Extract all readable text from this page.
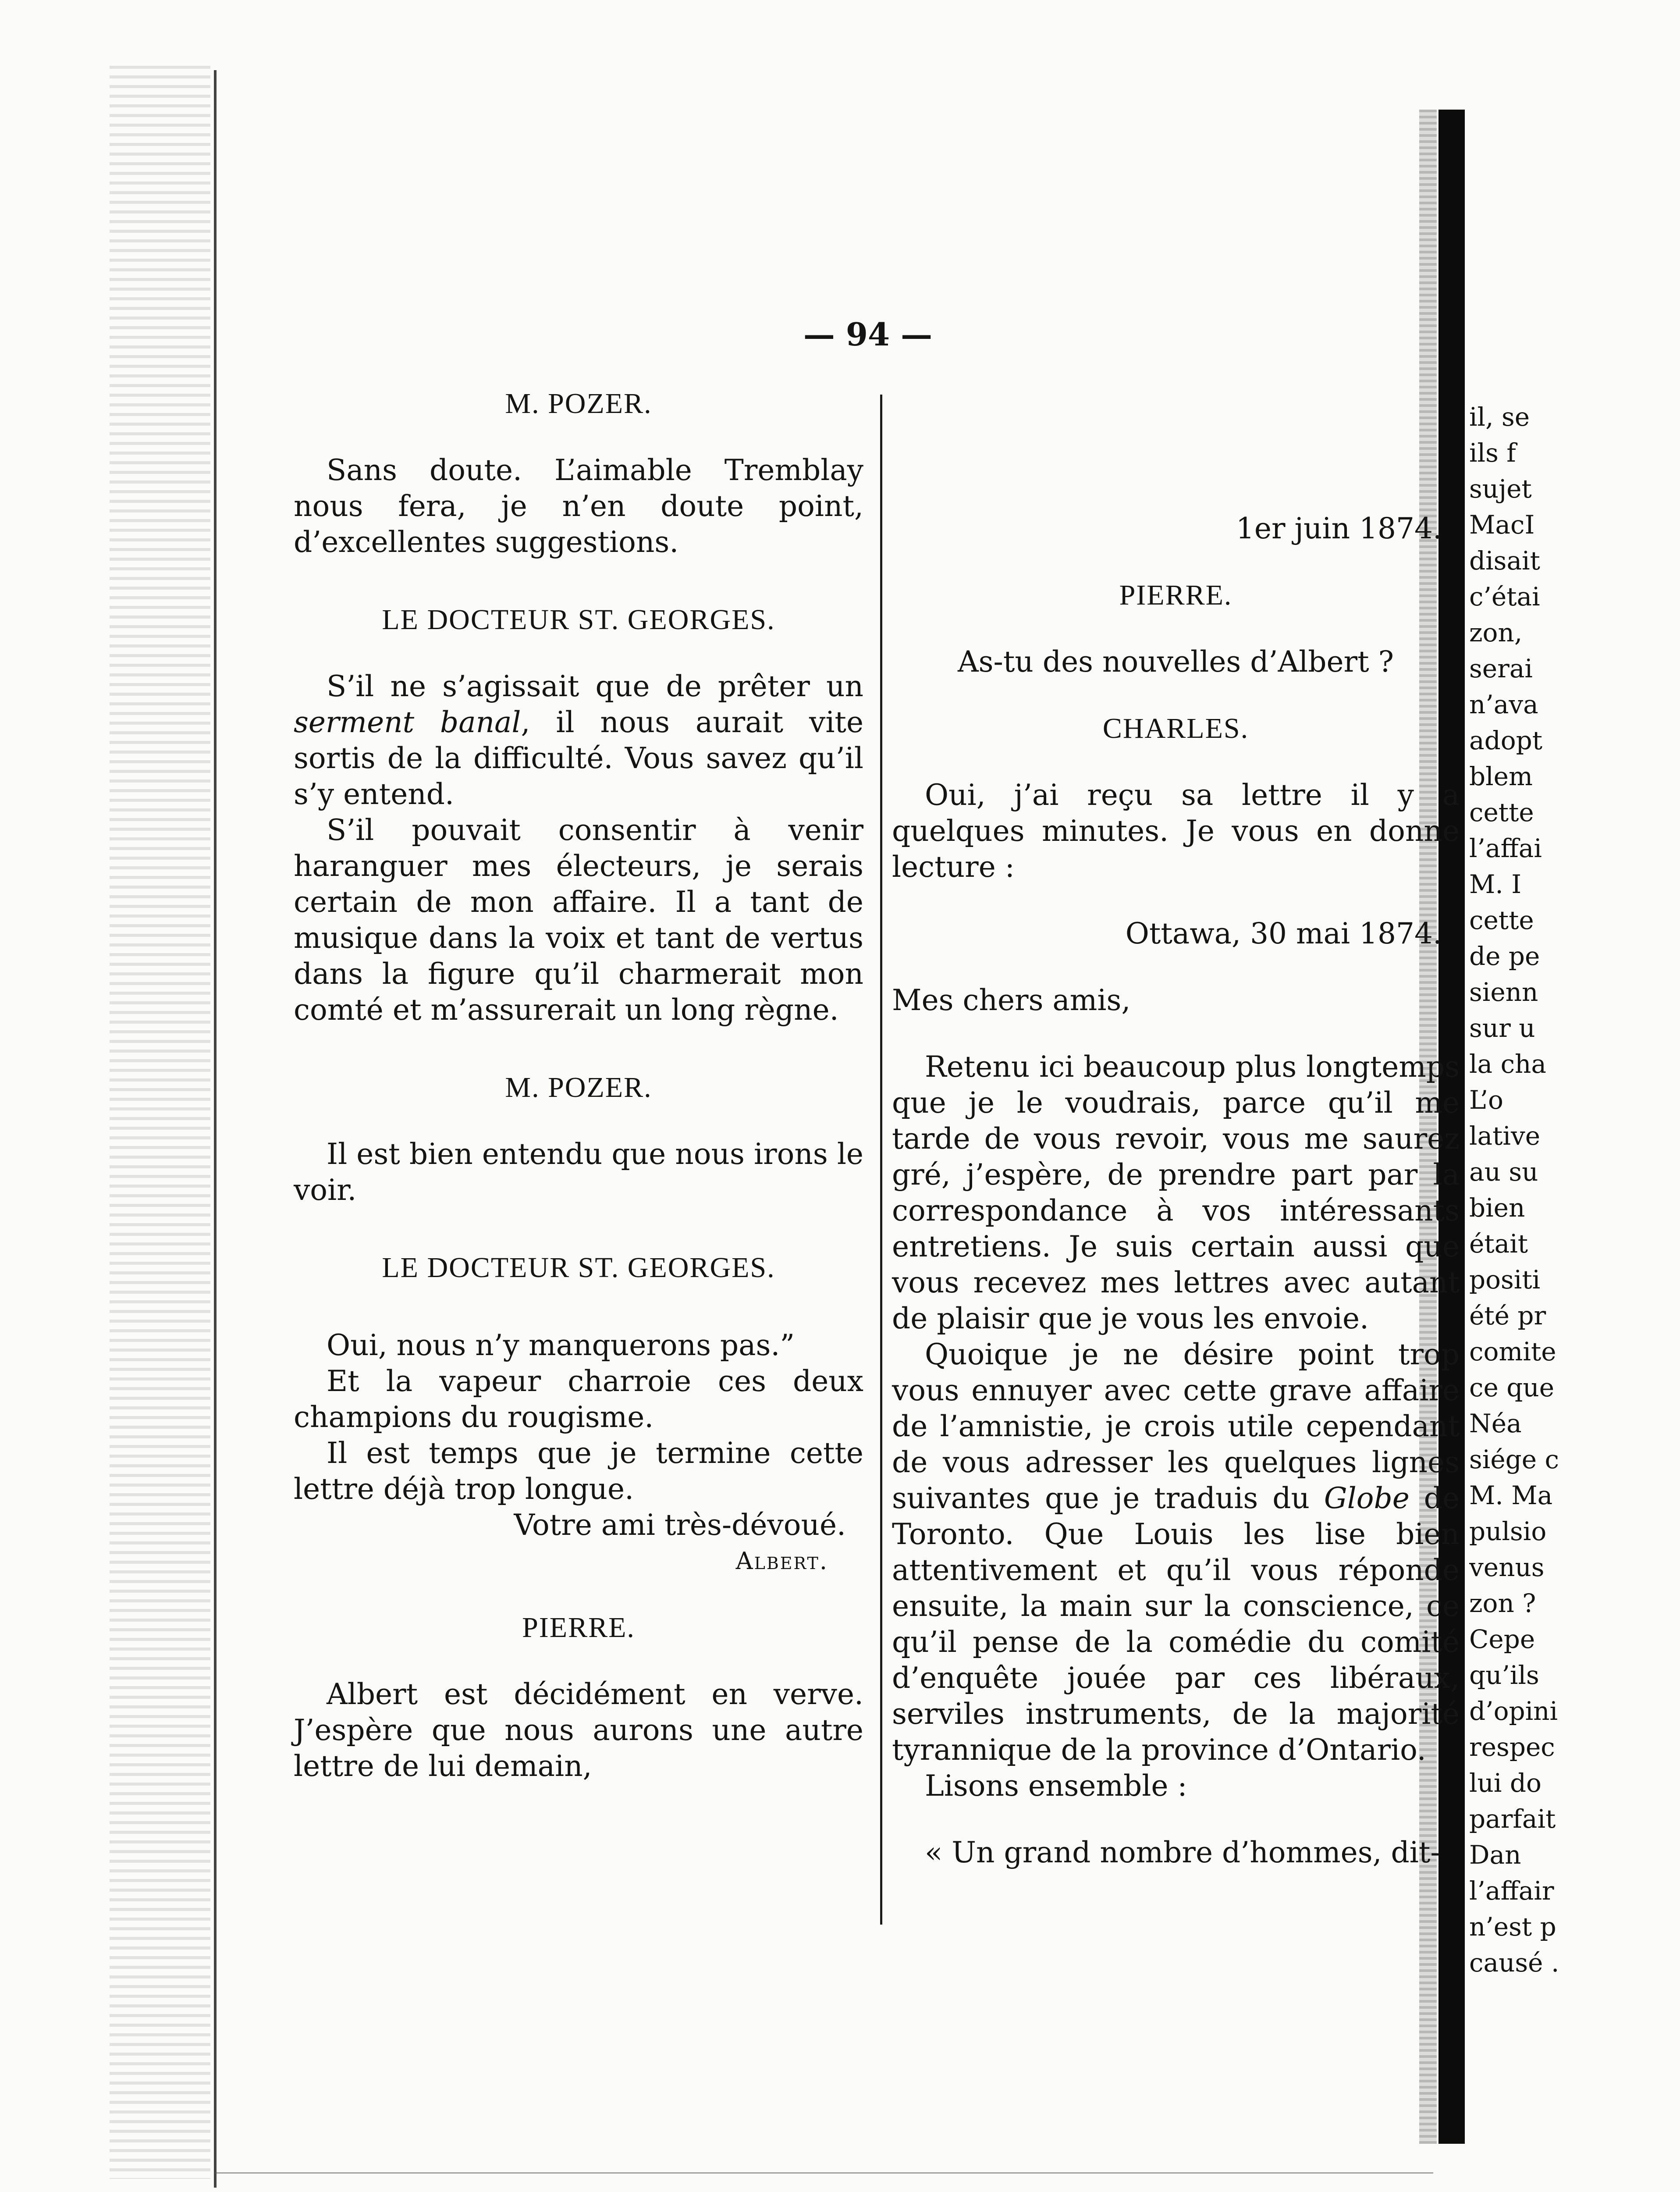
— 94 —
M. POZER.

Sans doute. L’aimable Tremblay nous fera, je n’en doute point, d’excellentes suggestions.

LE DOCTEUR ST. GEORGES.

S’il ne s’agissait que de prêter un serment banal, il nous aurait vite sortis de la difficulté. Vous savez qu’il s’y entend.

S’il pouvait consentir à venir haranguer mes électeurs, je serais certain de mon affaire. Il a tant de musique dans la voix et tant de vertus dans la figure qu’il charmerait mon comté et m’assurerait un long règne.

M. POZER.

Il est bien entendu que nous irons le voir.

LE DOCTEUR ST. GEORGES.

Oui, nous n’y manquerons pas.”

Et la vapeur charroie ces deux champions du rougisme.

Il est temps que je termine cette lettre déjà trop longue.

Votre ami très-dévoué.

Albert.

PIERRE.

Albert est décidément en verve. J’espère que nous aurons une autre lettre de lui demain,

1er juin 1874.

PIERRE.

As-tu des nouvelles d’Albert ?

CHARLES.

Oui, j’ai reçu sa lettre il y a quelques minutes. Je vous en donne lecture :

Ottawa, 30 mai 1874.

Mes chers amis,

Retenu ici beaucoup plus longtemps que je le voudrais, parce qu’il me tarde de vous revoir, vous me saurez gré, j’espère, de prendre part par la correspondance à vos intéressants entretiens. Je suis certain aussi que vous recevez mes lettres avec autant de plaisir que je vous les envoie.

Quoique je ne désire point trop vous ennuyer avec cette grave affaire de l’amnistie, je crois utile cependant de vous adresser les quelques lignes suivantes que je traduis du Globe de Toronto. Que Louis les lise bien attentivement et qu’il vous réponde ensuite, la main sur la conscience, ce qu’il pense de la comédie du comité d’enquête jouée par ces libéraux, serviles instruments, de la majorité tyrannique de la province d’Ontario.

Lisons ensemble :

« Un grand nombre d’hommes, dit-

il, se
ils f
sujet
MacI
disait
c’étai
zon,
serai
n’ava
adopt
blem
cette
l’affai
M. I
cette
de pe
sienn
sur u
la cha
L’o
lative
au su
bien
était
positi
été pr
comite
ce que
Néa
siége c
M. Ma
pulsio
venus
zon ?
Cepe
qu’ils
d’opini
respec
lui do
parfait
Dan
l’affair
n’est p
causé .
